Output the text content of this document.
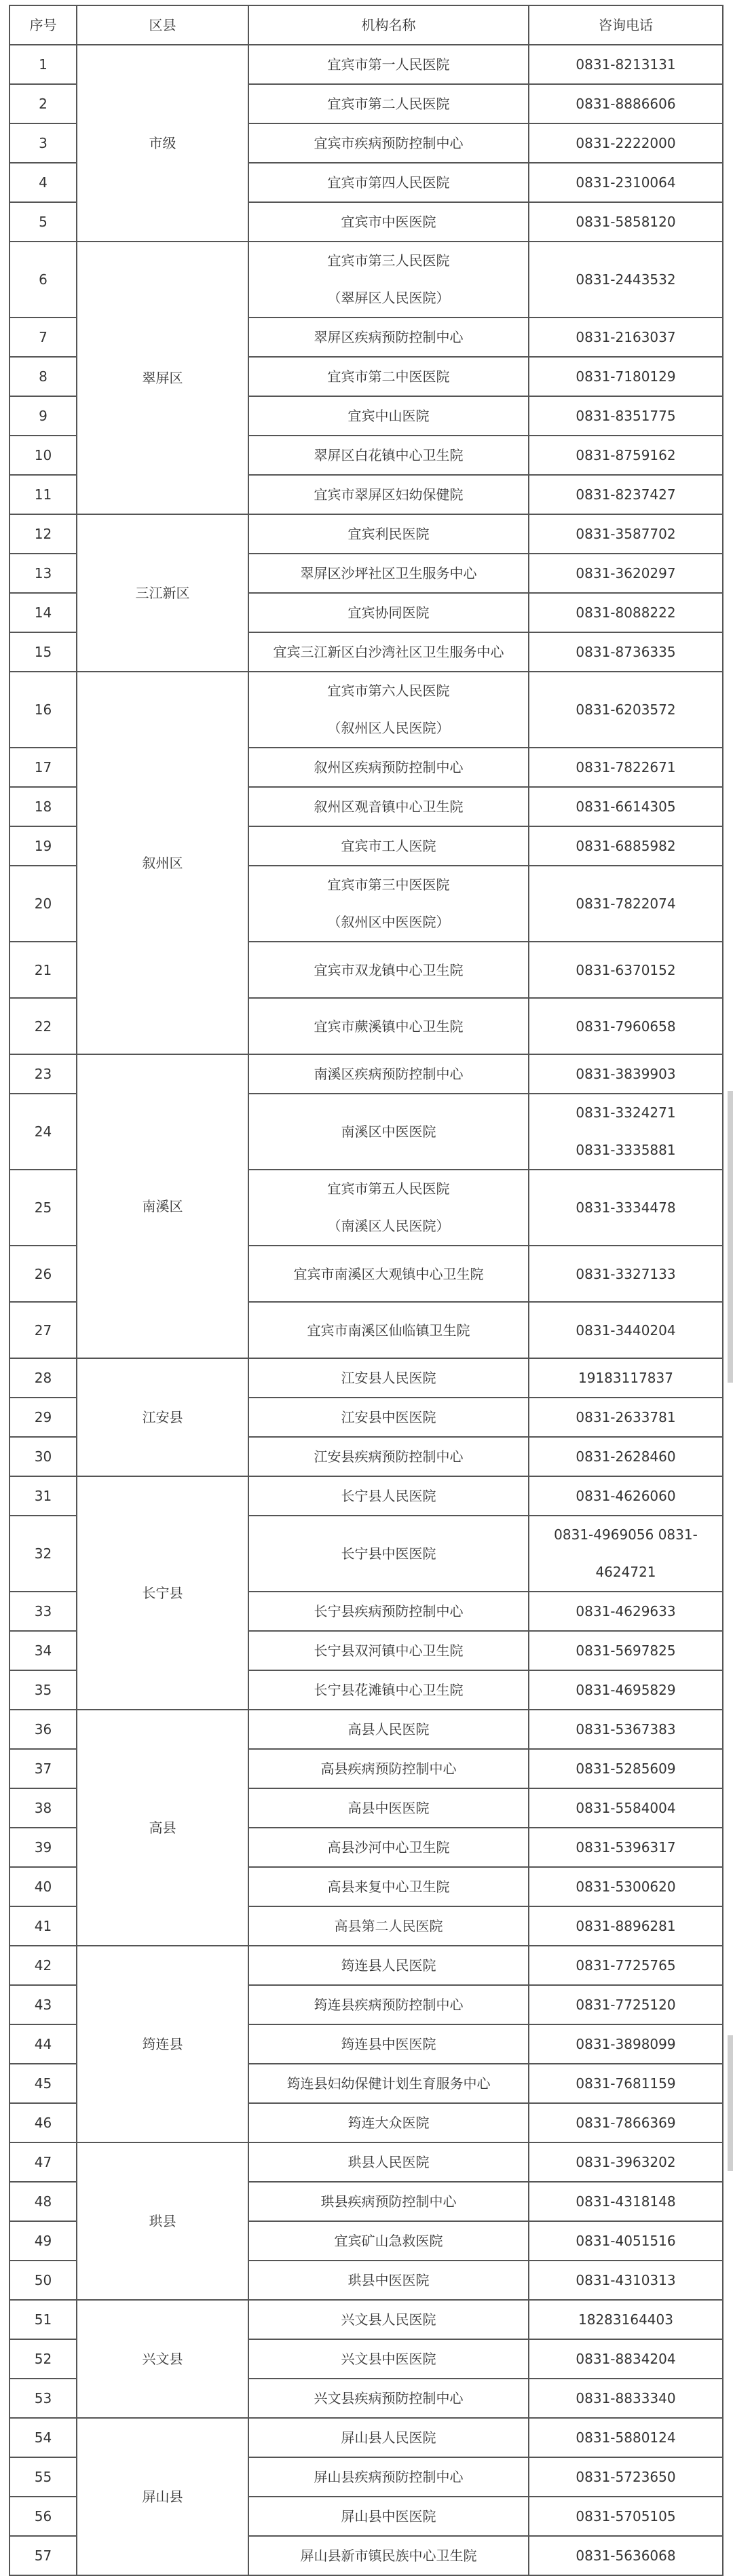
序号	区县	机构名称	咨询电话
1	市级	宜宾市第一人民医院	0831-8213131

2		宜宾市第二人民医院	0831-8886606

3		宜宾市疾病预防控制中心	0831-2222000

4		宜宾市第四人民医院	0831-2310064

5		宜宾市中医医院	0831-5858120

6	翠屏区	宜宾市第三人民医院
（翠屏区人民医院）	0831-2443532

7		翠屏区疾病预防控制中心	0831-2163037

8		宜宾市第二中医医院	0831-7180129

9		宜宾中山医院	0831-8351775

10		翠屏区白花镇中心卫生院	0831-8759162

11		宜宾市翠屏区妇幼保健院	0831-8237427

12	三江新区	宜宾利民医院	0831-3587702

13		翠屏区沙坪社区卫生服务中心	0831-3620297

14		宜宾协同医院	0831-8088222

15		宜宾三江新区白沙湾社区卫生服务中心	0831-8736335

16	叙州区	宜宾市第六人民医院
（叙州区人民医院）	0831-6203572

17		叙州区疾病预防控制中心	0831-7822671

18		叙州区观音镇中心卫生院	0831-6614305

19		宜宾市工人医院	0831-6885982

20		宜宾市第三中医医院
（叙州区中医医院）	0831-7822074

21		宜宾市双龙镇中心卫生院	0831-6370152

22		宜宾市蕨溪镇中心卫生院	0831-7960658

23	南溪区	南溪区疾病预防控制中心	0831-3839903

24		南溪区中医医院	0831-3324271
0831-3335881

25		宜宾市第五人民医院
（南溪区人民医院）	0831-3334478

26		宜宾市南溪区大观镇中心卫生院	0831-3327133

27		宜宾市南溪区仙临镇卫生院	0831-3440204

28	江安县	江安县人民医院	19183117837

29		江安县中医医院	0831-2633781

30		江安县疾病预防控制中心	0831-2628460

31	长宁县	长宁县人民医院	0831-4626060

32		长宁县中医医院	0831-4969056 0831-
4624721

33		长宁县疾病预防控制中心	0831-4629633

34		长宁县双河镇中心卫生院	0831-5697825

35		长宁县花滩镇中心卫生院	0831-4695829

36	高县	高县人民医院	0831-5367383

37		高县疾病预防控制中心	0831-5285609

38		高县中医医院	0831-5584004

39		高县沙河中心卫生院	0831-5396317

40		高县来复中心卫生院	0831-5300620

41		高县第二人民医院	0831-8896281

42	筠连县	筠连县人民医院	0831-7725765

43		筠连县疾病预防控制中心	0831-7725120

44		筠连县中医医院	0831-3898099

45		筠连县妇幼保健计划生育服务中心	0831-7681159

46		筠连大众医院	0831-7866369

47	珙县	珙县人民医院	0831-3963202

48		珙县疾病预防控制中心	0831-4318148

49		宜宾矿山急救医院	0831-4051516

50		珙县中医医院	0831-4310313

51	兴文县	兴文县人民医院	18283164403

52		兴文县中医医院	0831-8834204

53		兴文县疾病预防控制中心	0831-8833340

54	屏山县	屏山县人民医院	0831-5880124

55		屏山县疾病预防控制中心	0831-5723650

56		屏山县中医医院	0831-5705105

57		屏山县新市镇民族中心卫生院	0831-5636068
